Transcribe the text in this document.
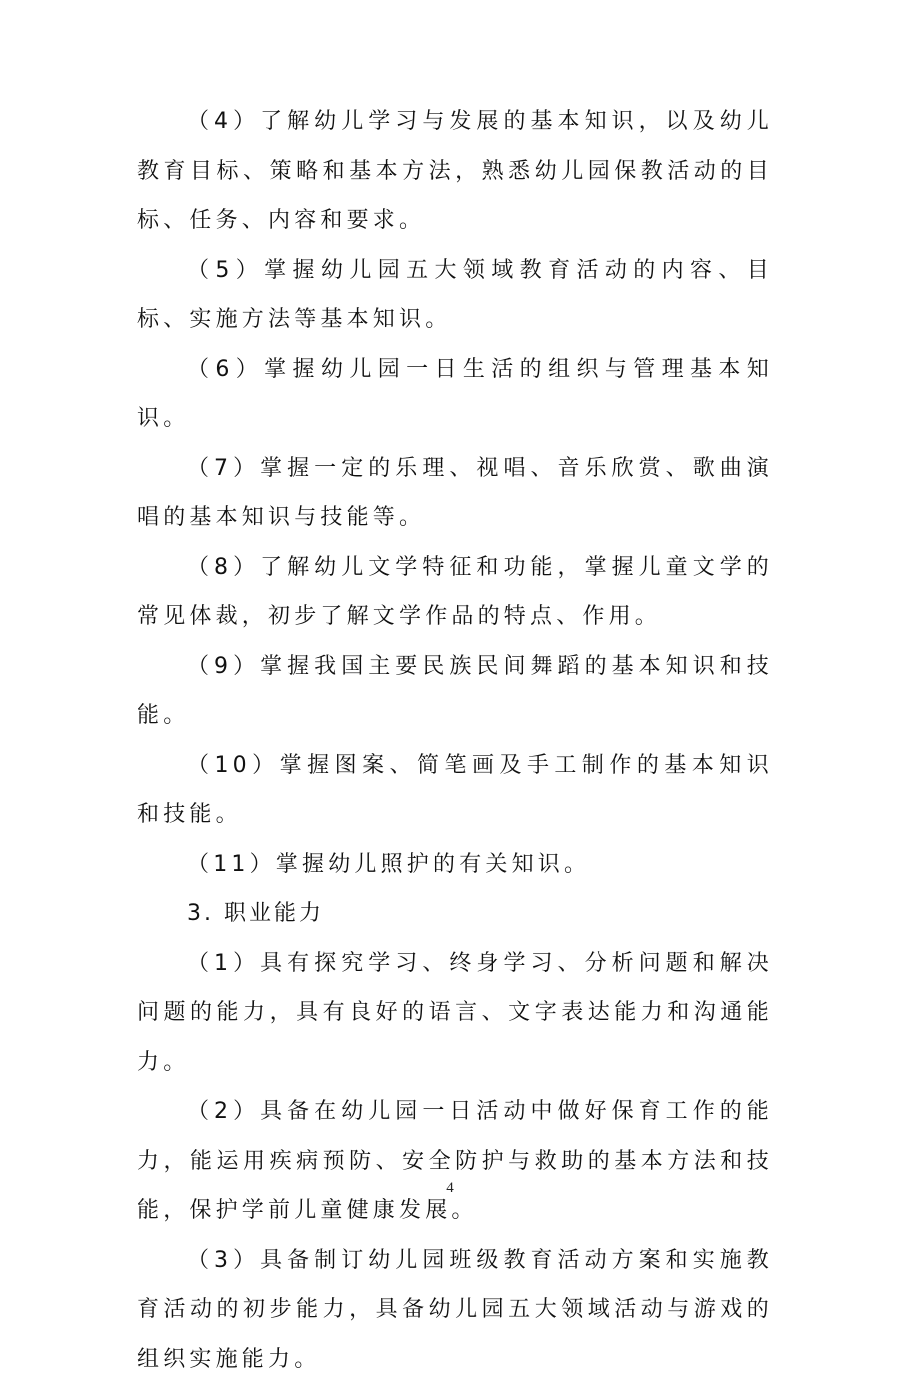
（4）了解幼儿学习与发展的基本知识，以及幼儿教育目标、策略和基本方法，熟悉幼儿园保教活动的目标、任务、内容和要求。

（5）掌握幼儿园五大领域教育活动的内容、目标、实施方法等基本知识。

（6）掌握幼儿园一日生活的组织与管理基本知识。

（7）掌握一定的乐理、视唱、音乐欣赏、歌曲演唱的基本知识与技能等。

（8）了解幼儿文学特征和功能，掌握儿童文学的常见体裁，初步了解文学作品的特点、作用。

（9）掌握我国主要民族民间舞蹈的基本知识和技能。

（10）掌握图案、简笔画及手工制作的基本知识和技能。

（11）掌握幼儿照护的有关知识。

3. 职业能力

（1）具有探究学习、终身学习、分析问题和解决问题的能力，具有良好的语言、文字表达能力和沟通能力。

（2）具备在幼儿园一日活动中做好保育工作的能力，能运用疾病预防、安全防护与救助的基本方法和技能，保护学前儿童健康发展。

（3）具备制订幼儿园班级教育活动方案和实施教育活动的初步能力，具备幼儿园五大领域活动与游戏的组织实施能力。

4
